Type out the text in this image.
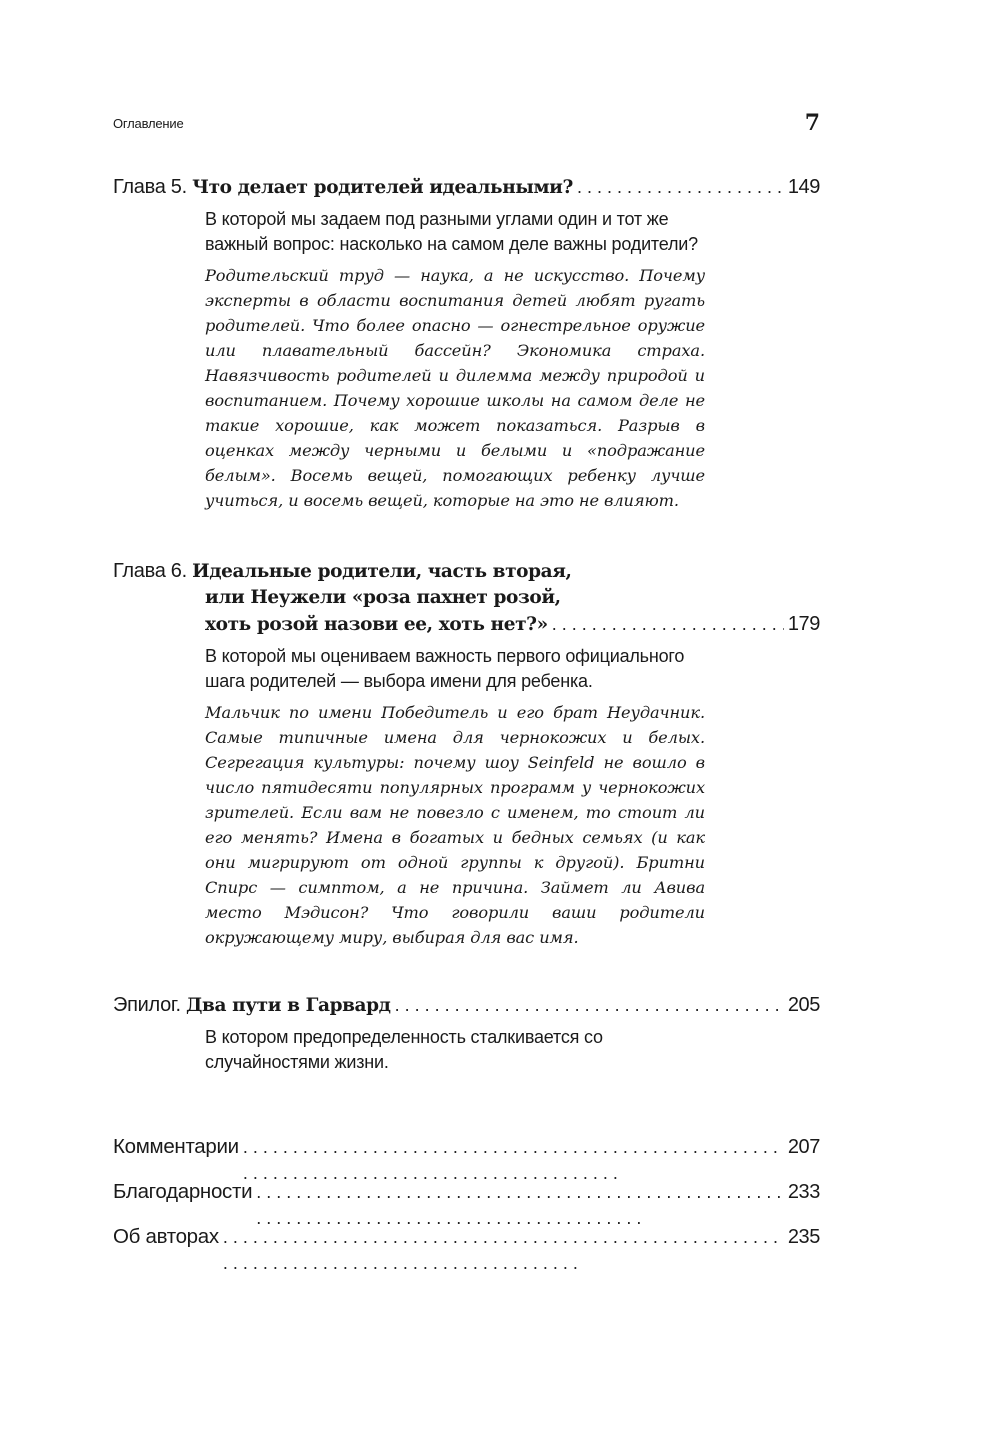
Оглавление	7
Глава 5. Что делает родителей идеальными? . . .	149
В которой мы задаем под разными углами один и тот же важный вопрос: насколько на самом деле важны родители?
Родительский труд — наука, а не искусство. Почему эксперты в области воспитания детей любят ругать родителей. Что более опасно — огнестрельное оружие или плавательный бассейн? Экономика страха. Навязчивость родителей и дилемма между природой и воспитанием. Почему хорошие школы на самом деле не такие хорошие, как может показаться. Разрыв в оценках между черными и белыми и «подражание белым». Восемь вещей, помогающих ребенку лучше учиться, и восемь вещей, которые на это не влияют.
Глава 6. Идеальные родители, часть вторая,
или Неужели «роза пахнет розой,
хоть розой назови ее, хоть нет?» . . .	179
В которой мы оцениваем важность первого официального шага родителей — выбора имени для ребенка.
Мальчик по имени Победитель и его брат Неудачник. Самые типичные имена для чернокожих и белых. Сегрегация культуры: почему шоу Seinfeld не вошло в число пятидесяти популярных программ у чернокожих зрителей. Если вам не повезло с именем, то стоит ли его менять? Имена в богатых и бедных семьях (и как они мигрируют от одной группы к другой). Бритни Спирс — симптом, а не причина. Займет ли Авива место Мэдисон? Что говорили ваши родители окружающему миру, выбирая для вас имя.
Эпилог. Два пути в Гарвард . . .	205
В котором предопределенность сталкивается со случайностями жизни.
Комментарии . . .	207
Благодарности . . .	233
Об авторах . . .	235
